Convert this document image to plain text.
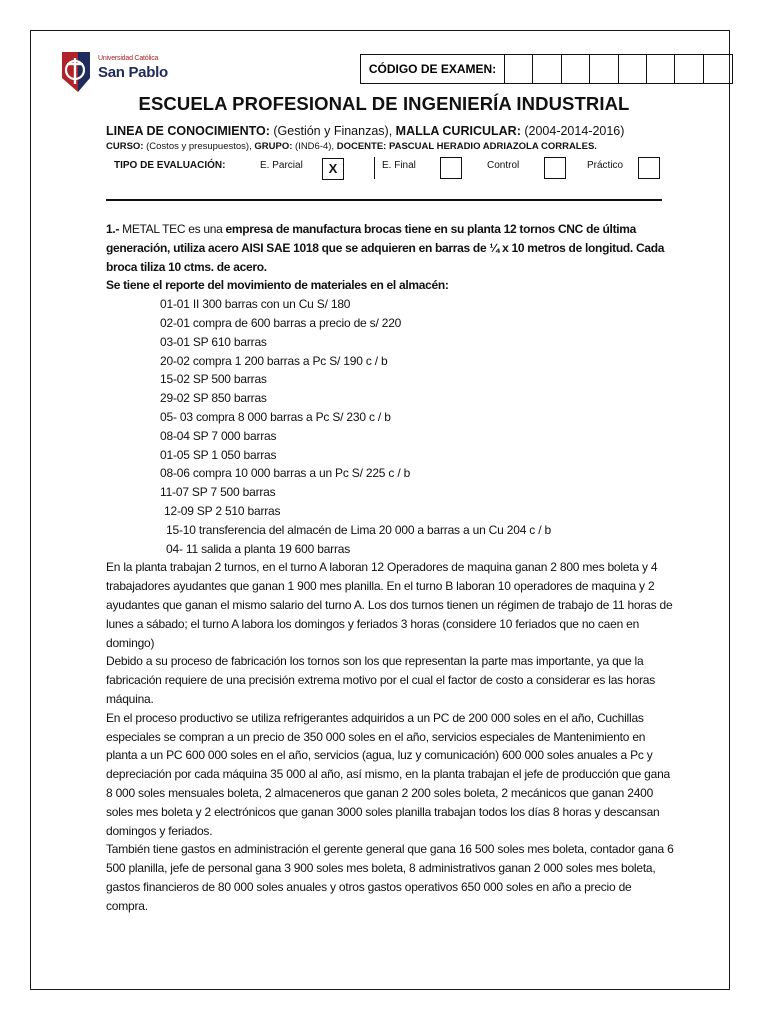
Universidad Católica
San Pablo	CÓDIGO DE EXAMEN:
ESCUELA PROFESIONAL DE INGENIERÍA INDUSTRIAL
LINEA DE CONOCIMIENTO: (Gestión y Finanzas), MALLA CURICULAR: (2004-2014-2016)
CURSO: (Costos y presupuestos), GRUPO: (IND6-4), DOCENTE: PASCUAL HERADIO ADRIAZOLA CORRALES.
TIPO DE EVALUACIÓN:	E. Parcial	X	E. Final	Control	Práctico

1.- METAL TEC es una empresa de manufactura brocas tiene en su planta 12 tornos CNC de última generación, utiliza acero AISI SAE 1018 que se adquieren en barras de ¼ x 10 metros de longitud. Cada broca tiliza 10 ctms. de acero.

Se tiene el reporte del movimiento de materiales en el almacén:

01-01 II 300 barras con un Cu S/ 180
02-01 compra de 600 barras a precio de s/ 220
03-01 SP 610 barras
20-02 compra 1 200 barras a Pc S/ 190 c / b
15-02 SP 500 barras
29-02 SP 850 barras
05- 03 compra 8 000 barras a Pc S/ 230 c / b
08-04 SP 7 000 barras
01-05 SP 1 050 barras
08-06 compra 10 000 barras a un Pc S/ 225 c / b
11-07 SP 7 500 barras
12-09 SP 2 510 barras
15-10 transferencia del almacén de Lima 20 000 a barras a un Cu 204 c / b
04- 11 salida a planta 19 600 barras

En la planta trabajan 2 turnos, en el turno A laboran 12 Operadores de maquina ganan 2 800 mes boleta y 4 trabajadores ayudantes que ganan 1 900 mes planilla. En el turno B laboran 10 operadores de maquina y 2 ayudantes que ganan el mismo salario del turno A. Los dos turnos tienen un régimen de trabajo de 11 horas de lunes a sábado; el turno A labora los domingos y feriados 3 horas (considere 10 feriados que no caen en domingo)

Debido a su proceso de fabricación los tornos son los que representan la parte mas importante, ya que la fabricación requiere de una precisión extrema motivo por el cual el factor de costo a considerar es las horas máquina.

En el proceso productivo se utiliza refrigerantes adquiridos a un PC de 200 000 soles en el año, Cuchillas especiales se compran a un precio de 350 000 soles en el año, servicios especiales de Mantenimiento en planta a un PC 600 000 soles en el año, servicios (agua, luz y comunicación) 600 000 soles anuales a Pc y depreciación por cada máquina 35 000 al año, así mismo, en la planta trabajan el jefe de producción que gana 8 000 soles mensuales boleta, 2 almaceneros que ganan 2 200 soles boleta, 2 mecánicos que ganan 2400 soles mes boleta y 2 electrónicos que ganan 3000 soles planilla trabajan todos los días 8 horas y descansan domingos y feriados.

También tiene gastos en administración el gerente general que gana 16 500 soles mes boleta, contador gana 6 500 planilla, jefe de personal gana 3 900 soles mes boleta, 8 administrativos ganan 2 000 soles mes boleta, gastos financieros de 80 000 soles anuales y otros gastos operativos 650 000 soles en año a precio de compra.
